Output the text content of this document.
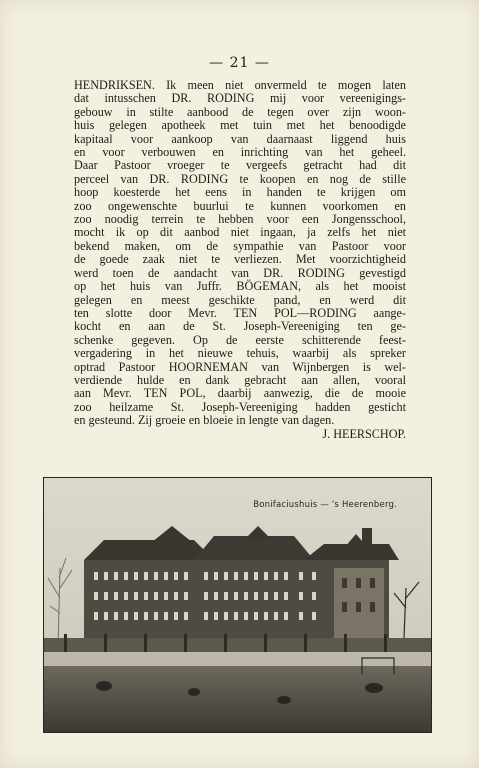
— 21 —
HENDRIKSEN. Ik meen niet onvermeld te mogen laten
dat intusschen DR. RODING mij voor vereenigings-
gebouw in stilte aanbood de tegen over zijn woon-
huis gelegen apotheek met tuin met het benoodigde
kapitaal voor aankoop van daarnaast liggend huis
en voor verbouwen en inrichting van het geheel.
Daar Pastoor vroeger te vergeefs getracht had dit
perceel van DR. RODING te koopen en nog de stille
hoop koesterde het eens in handen te krijgen om
zoo ongewenschte buurlui te kunnen voorkomen en
zoo noodig terrein te hebben voor een Jongensschool,
mocht ik op dit aanbod niet ingaan, ja zelfs het niet
bekend maken, om de sympathie van Pastoor voor
de goede zaak niet te verliezen. Met voorzichtigheid
werd toen de aandacht van DR. RODING gevestigd
op het huis van Juffr. BÖGEMAN, als het mooist
gelegen en meest geschikte pand, en werd dit
ten slotte door Mevr. TEN POL—RODING aange-
kocht en aan de St. Joseph-Vereeniging ten ge-
schenke gegeven. Op de eerste schitterende feest-
vergadering in het nieuwe tehuis, waarbij als spreker
optrad Pastoor HOORNEMAN van Wijnbergen is wel-
verdiende hulde en dank gebracht aan allen, vooral
aan Mevr. TEN POL, daarbij aanwezig, die de mooie
zoo heilzame St. Joseph-Vereeniging hadden gesticht
en gesteund. Zij groeie en bloeie in lengte van dagen.
J. HEERSCHOP.
Bonifaciushuis — 's Heerenberg.
